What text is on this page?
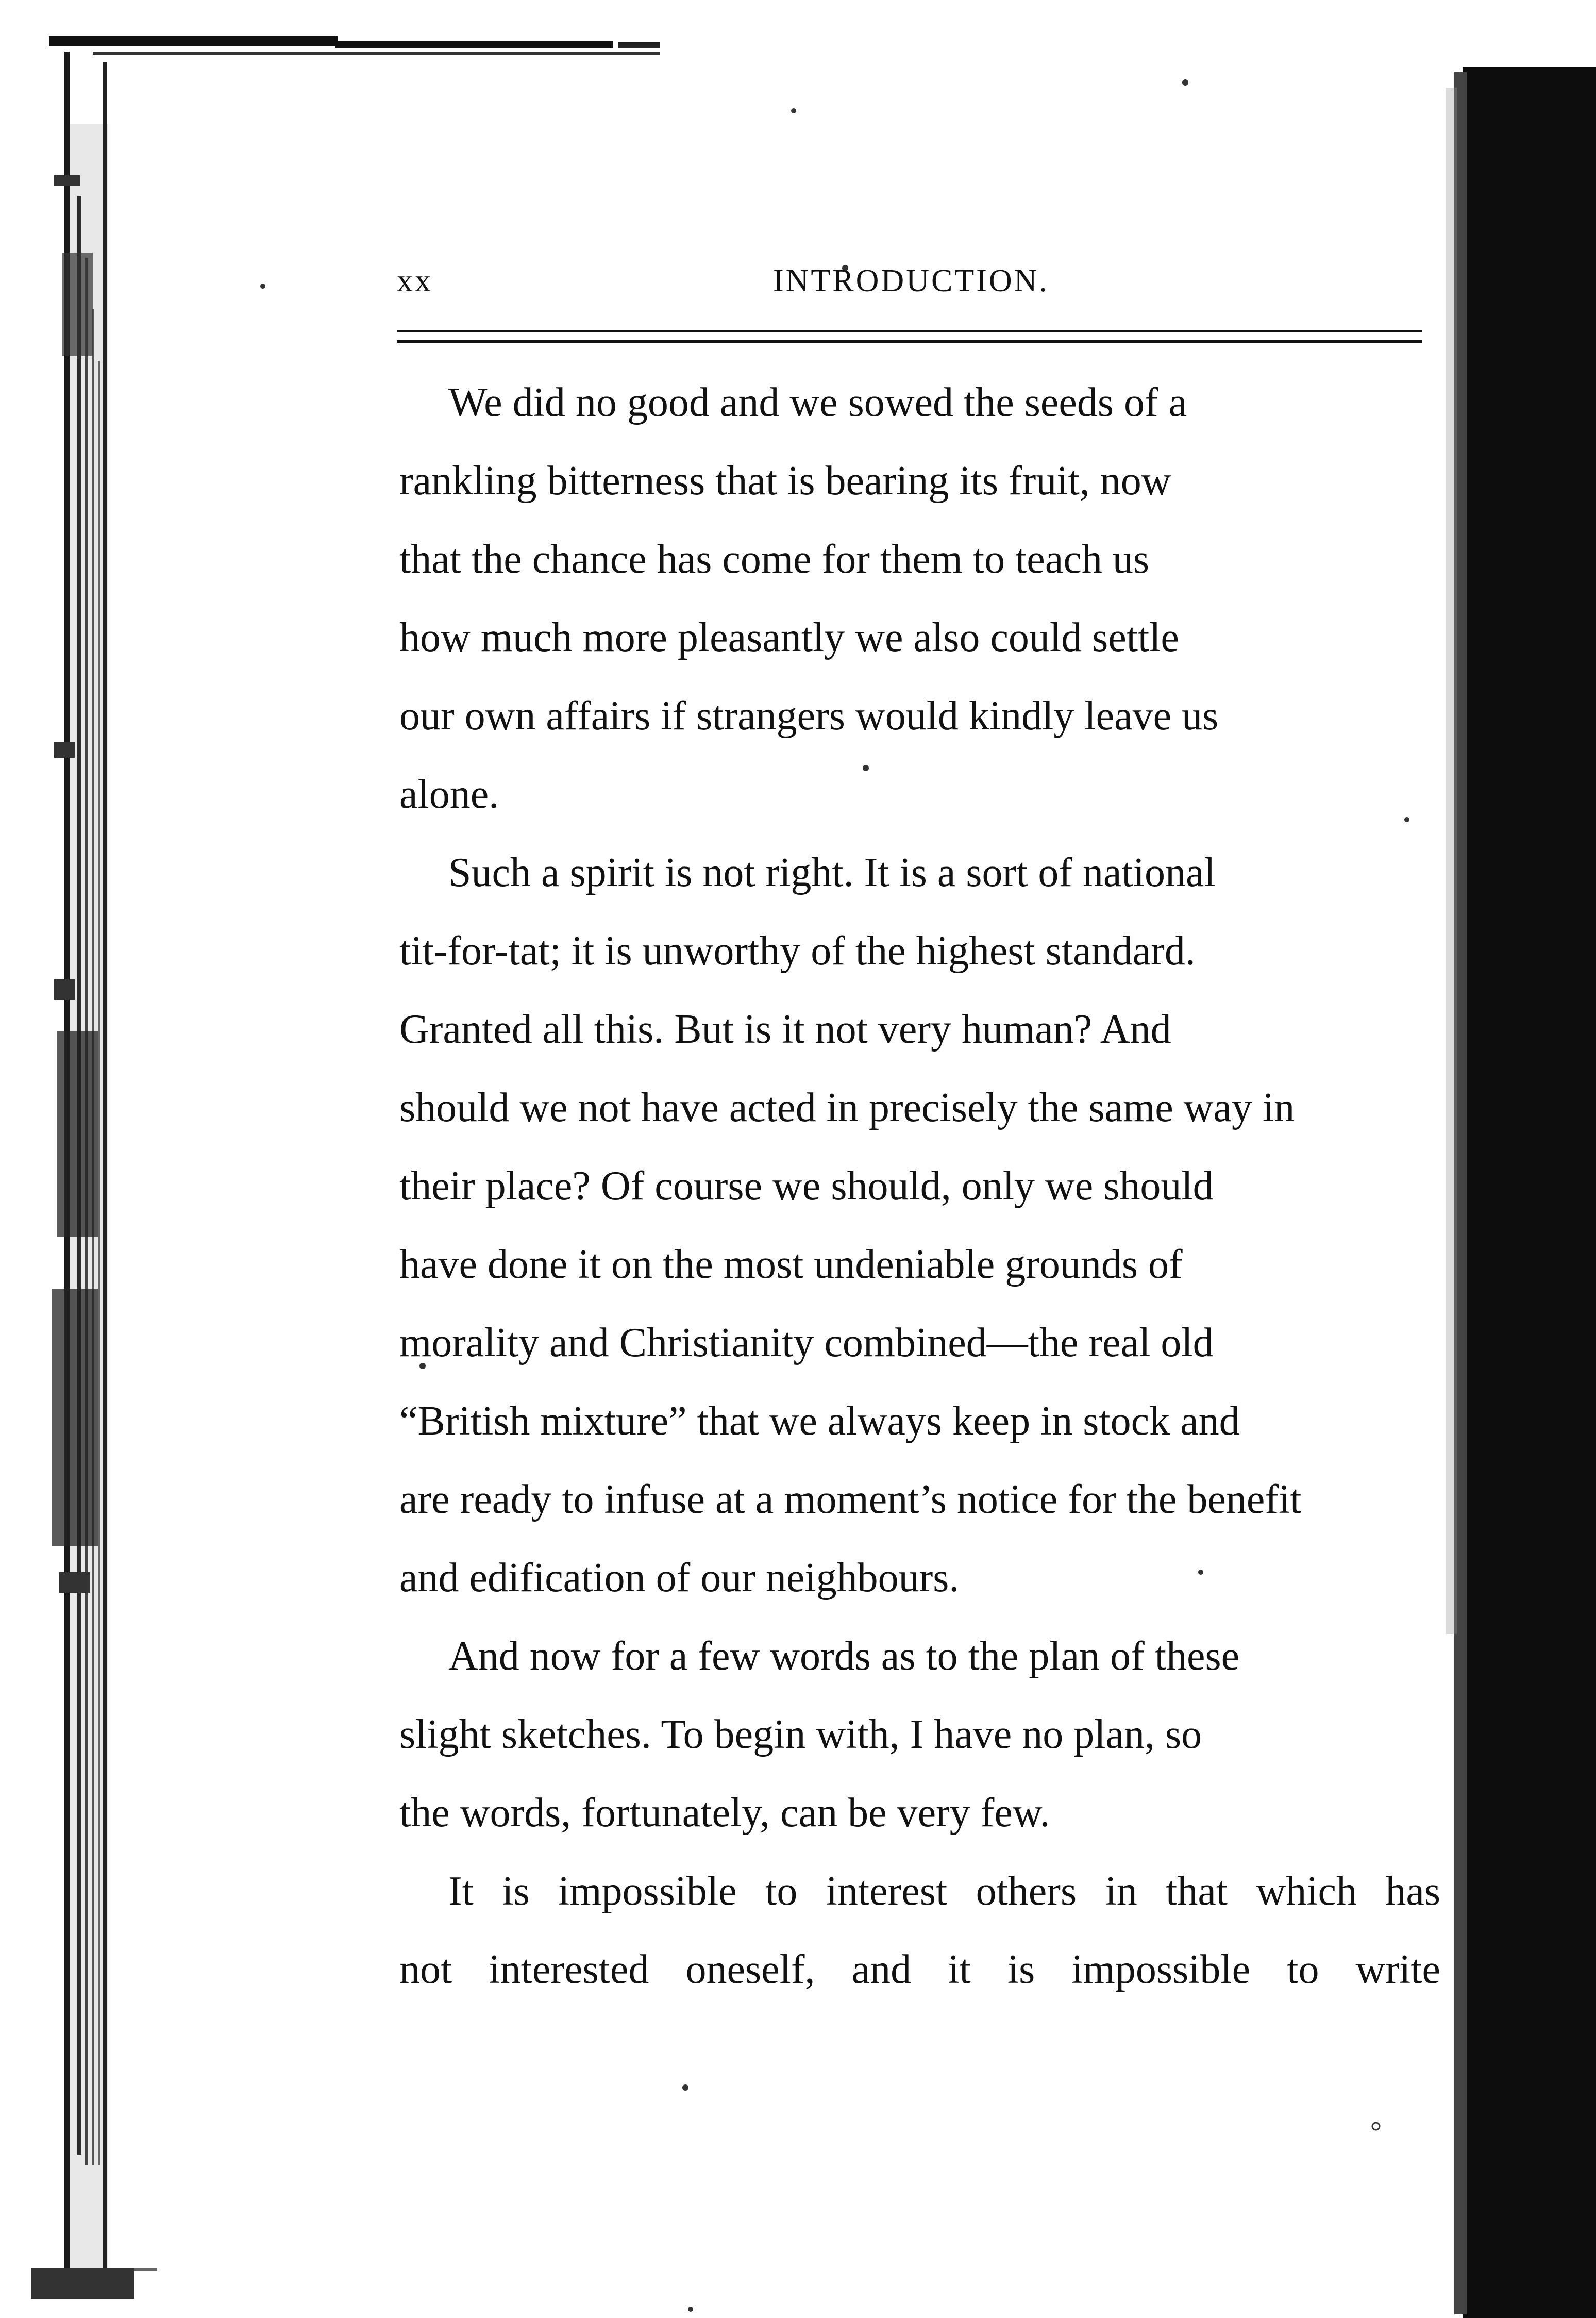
xx	INTRODUCTION.

We did no good and we sowed the seeds of a
rankling bitterness that is bearing its fruit, now
that the chance has come for them to teach us
how much more pleasantly we also could settle
our own affairs if strangers would kindly leave us
alone.

Such a spirit is not right. It is a sort of national
tit-for-tat; it is unworthy of the highest standard.
Granted all this. But is it not very human? And
should we not have acted in precisely the same way in
their place? Of course we should, only we should
have done it on the most undeniable grounds of
morality and Christianity combined—the real old
“British mixture” that we always keep in stock and
are ready to infuse at a moment’s notice for the benefit
and edification of our neighbours.

And now for a few words as to the plan of these
slight sketches. To begin with, I have no plan, so
the words, fortunately, can be very few.

It is impossible to interest others in that which has
not interested oneself, and it is impossible to write
